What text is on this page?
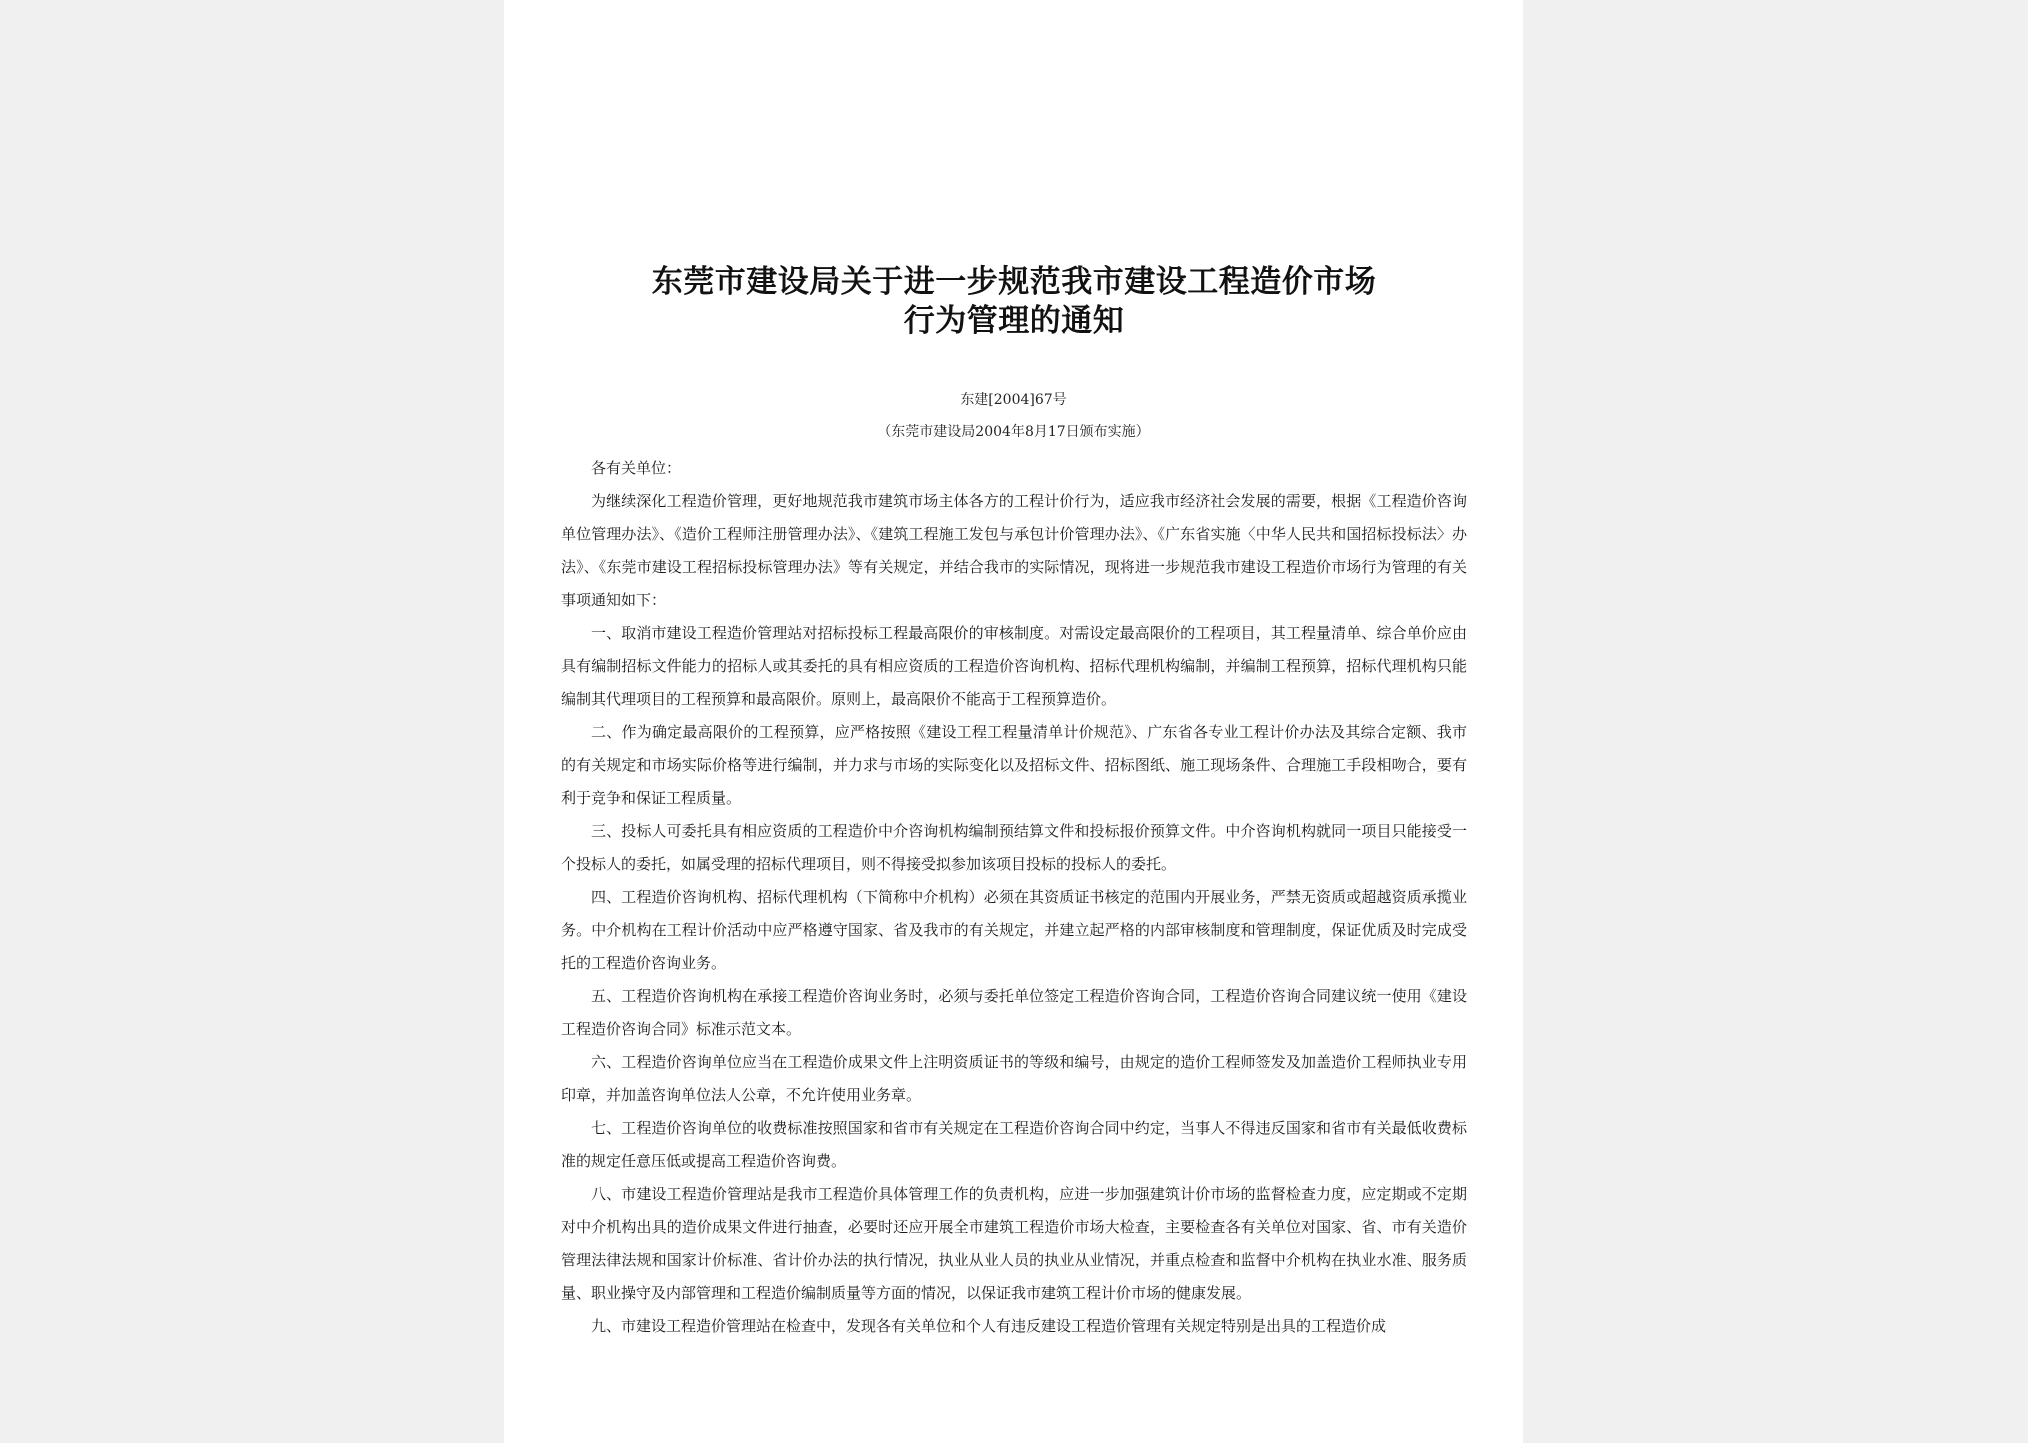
东莞市建设局关于进一步规范我市建设工程造价市场
行为管理的通知
东建[2004]67号
（东莞市建设局2004年8月17日颁布实施）

各有关单位：

为继续深化工程造价管理，更好地规范我市建筑市场主体各方的工程计价行为，适应我市经济社会发展的需要，根据《工程造价咨询单位管理办法》、《造价工程师注册管理办法》、《建筑工程施工发包与承包计价管理办法》、《广东省实施〈中华人民共和国招标投标法〉办法》、《东莞市建设工程招标投标管理办法》等有关规定，并结合我市的实际情况，现将进一步规范我市建设工程造价市场行为管理的有关事项通知如下：

一、取消市建设工程造价管理站对招标投标工程最高限价的审核制度。对需设定最高限价的工程项目，其工程量清单、综合单价应由具有编制招标文件能力的招标人或其委托的具有相应资质的工程造价咨询机构、招标代理机构编制，并编制工程预算，招标代理机构只能编制其代理项目的工程预算和最高限价。原则上，最高限价不能高于工程预算造价。

二、作为确定最高限价的工程预算，应严格按照《建设工程工程量清单计价规范》、广东省各专业工程计价办法及其综合定额、我市的有关规定和市场实际价格等进行编制，并力求与市场的实际变化以及招标文件、招标图纸、施工现场条件、合理施工手段相吻合，要有利于竞争和保证工程质量。

三、投标人可委托具有相应资质的工程造价中介咨询机构编制预结算文件和投标报价预算文件。中介咨询机构就同一项目只能接受一个投标人的委托，如属受理的招标代理项目，则不得接受拟参加该项目投标的投标人的委托。

四、工程造价咨询机构、招标代理机构（下简称中介机构）必须在其资质证书核定的范围内开展业务，严禁无资质或超越资质承揽业务。中介机构在工程计价活动中应严格遵守国家、省及我市的有关规定，并建立起严格的内部审核制度和管理制度，保证优质及时完成受托的工程造价咨询业务。

五、工程造价咨询机构在承接工程造价咨询业务时，必须与委托单位签定工程造价咨询合同，工程造价咨询合同建议统一使用《建设工程造价咨询合同》标准示范文本。

六、工程造价咨询单位应当在工程造价成果文件上注明资质证书的等级和编号，由规定的造价工程师签发及加盖造价工程师执业专用印章，并加盖咨询单位法人公章，不允许使用业务章。

七、工程造价咨询单位的收费标准按照国家和省市有关规定在工程造价咨询合同中约定，当事人不得违反国家和省市有关最低收费标准的规定任意压低或提高工程造价咨询费。

八、市建设工程造价管理站是我市工程造价具体管理工作的负责机构，应进一步加强建筑计价市场的监督检查力度，应定期或不定期对中介机构出具的造价成果文件进行抽查，必要时还应开展全市建筑工程造价市场大检查，主要检查各有关单位对国家、省、市有关造价管理法律法规和国家计价标准、省计价办法的执行情况，执业从业人员的执业从业情况，并重点检查和监督中介机构在执业水准、服务质量、职业操守及内部管理和工程造价编制质量等方面的情况，以保证我市建筑工程计价市场的健康发展。

九、市建设工程造价管理站在检查中，发现各有关单位和个人有违反建设工程造价管理有关规定特别是出具的工程造价成
